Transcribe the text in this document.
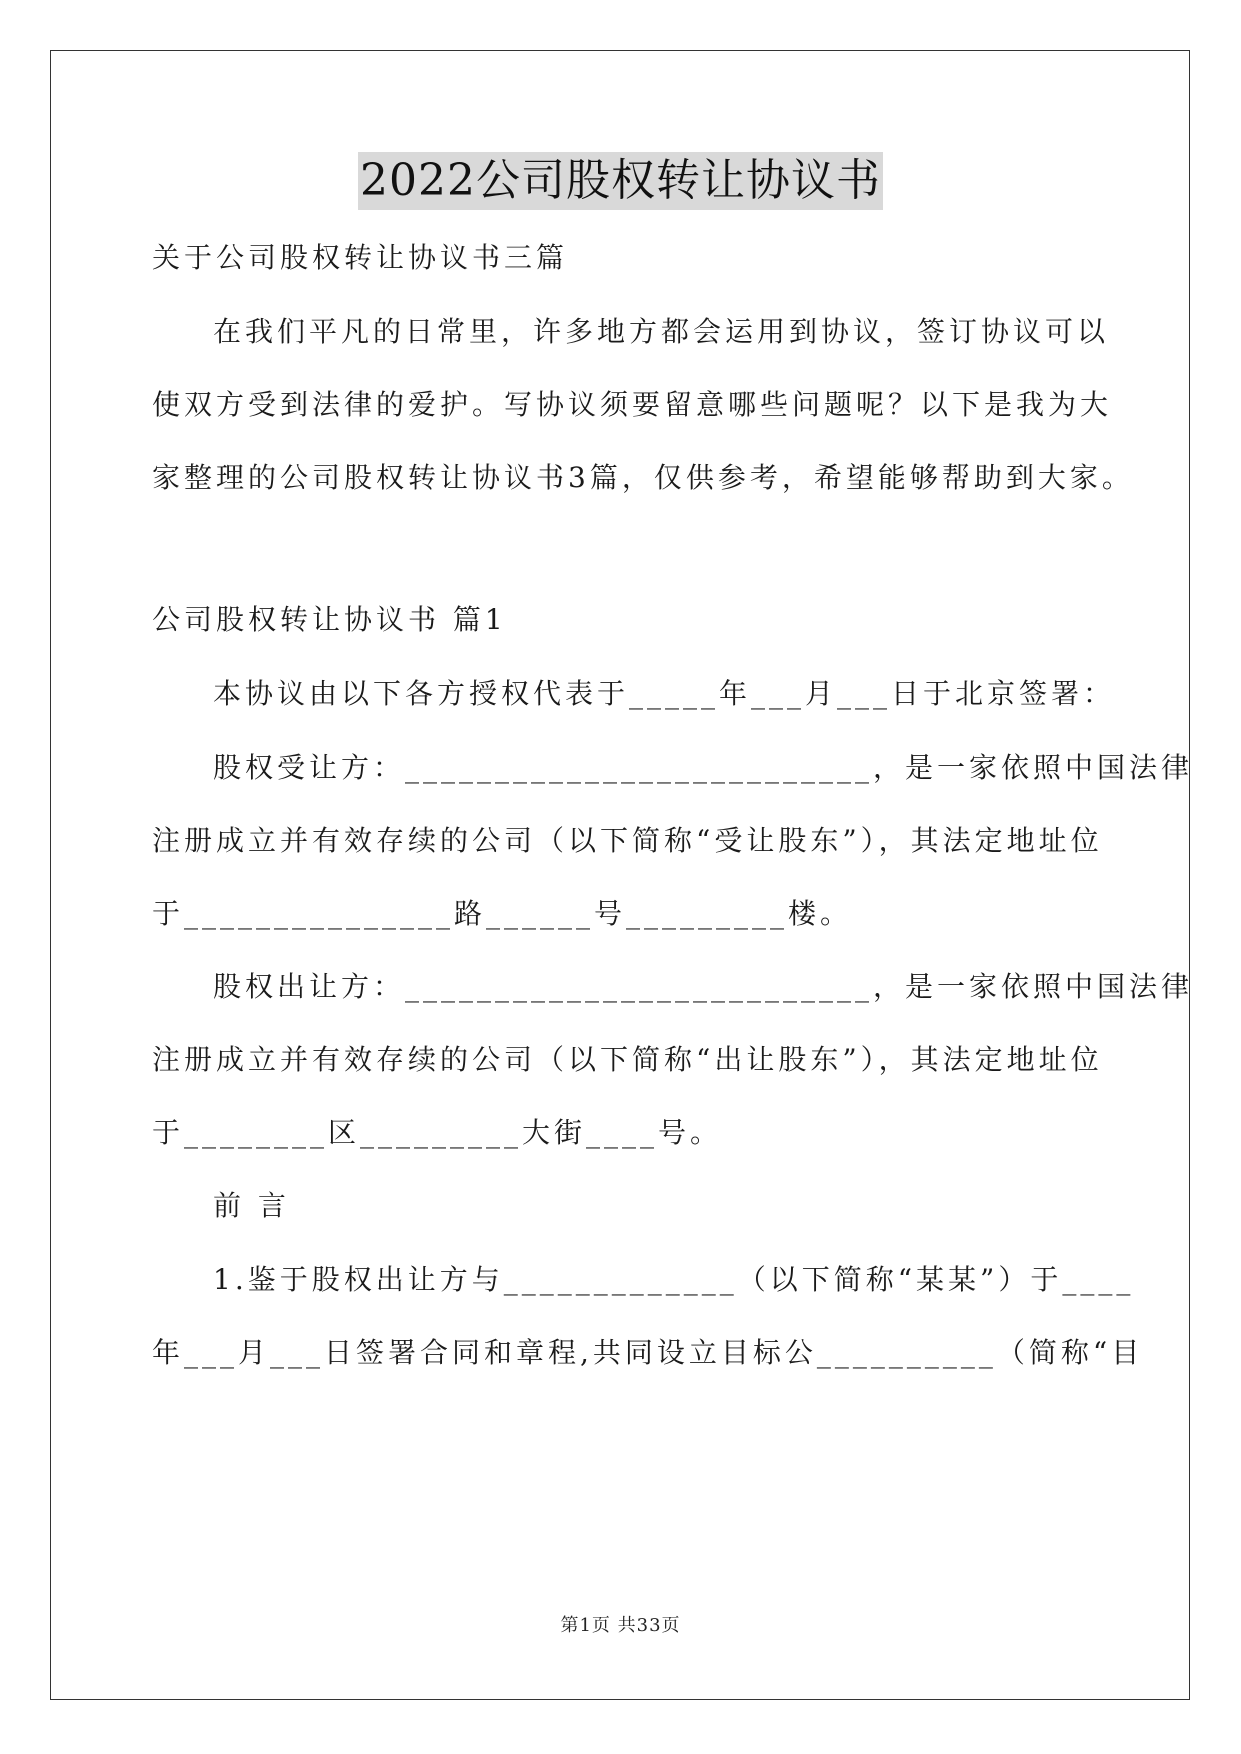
2022公司股权转让协议书
关于公司股权转让协议书三篇
在我们平凡的日常里，许多地方都会运用到协议，签订协议可以
使双方受到法律的爱护。写协议须要留意哪些问题呢？以下是我为大
家整理的公司股权转让协议书3篇，仅供参考，希望能够帮助到大家。
公司股权转让协议书 篇1
本协议由以下各方授权代表于_____年___月___日于北京签署：
股权受让方：__________________________，是一家依照中国法律
注册成立并有效存续的公司（以下简称“受让股东”），其法定地址位
于_______________路______号_________楼。
股权出让方：__________________________，是一家依照中国法律
注册成立并有效存续的公司（以下简称“出让股东”），其法定地址位
于________区_________大街____号。
前 言
1.鉴于股权出让方与_____________（以下简称“某某”）于____
年___月___日签署合同和章程,共同设立目标公__________（简称“目
第1页 共33页
